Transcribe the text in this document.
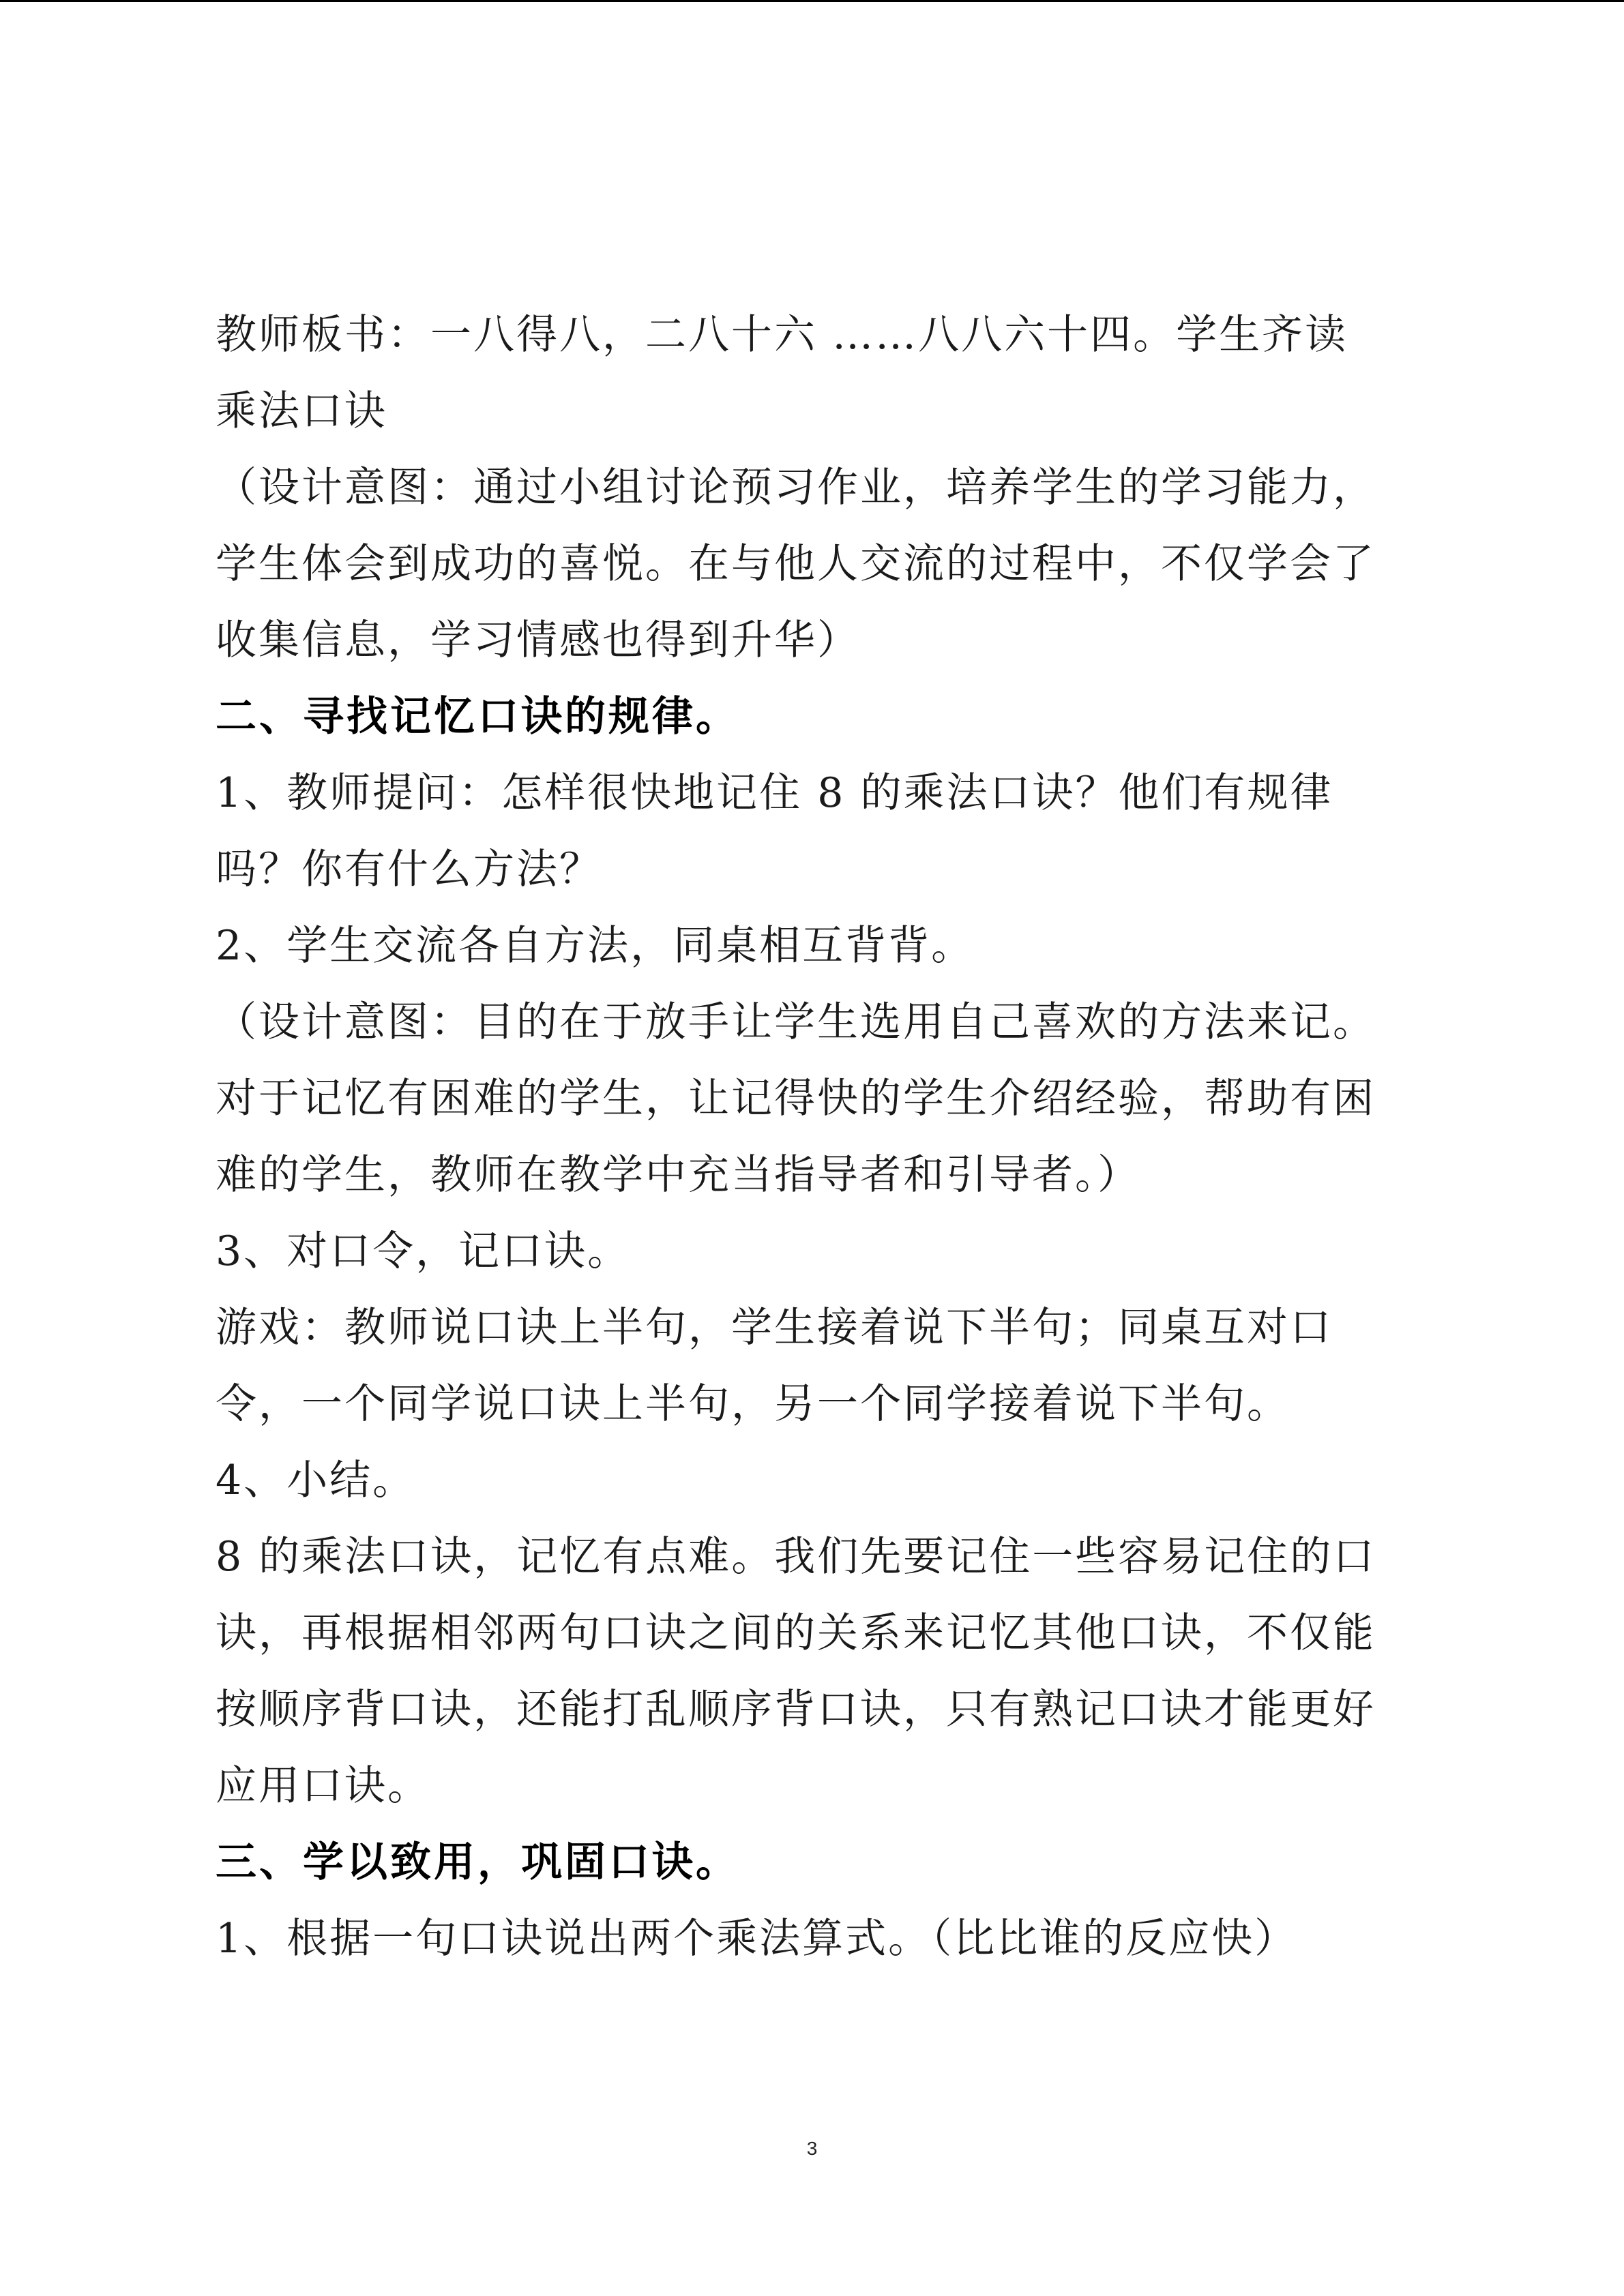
教师板书：一八得八，二八十六 ……八八六十四。学生齐读
乘法口诀
（设计意图：通过小组讨论预习作业，培养学生的学习能力，
学生体会到成功的喜悦。在与他人交流的过程中，不仅学会了
收集信息，学习情感也得到升华）
二、寻找记忆口诀的规律。
1、教师提问：怎样很快地记住 8 的乘法口诀？他们有规律
吗？你有什么方法？
2、学生交流各自方法，同桌相互背背。
（设计意图：目的在于放手让学生选用自己喜欢的方法来记。
对于记忆有困难的学生，让记得快的学生介绍经验，帮助有困
难的学生，教师在教学中充当指导者和引导者。）
3、对口令，记口诀。
游戏：教师说口诀上半句，学生接着说下半句；同桌互对口
令，一个同学说口诀上半句，另一个同学接着说下半句。
4、小结。
8 的乘法口诀，记忆有点难。我们先要记住一些容易记住的口
诀，再根据相邻两句口诀之间的关系来记忆其他口诀，不仅能
按顺序背口诀，还能打乱顺序背口诀，只有熟记口诀才能更好
应用口诀。
三、学以致用，巩固口诀。
1、根据一句口诀说出两个乘法算式。（比比谁的反应快）
3
